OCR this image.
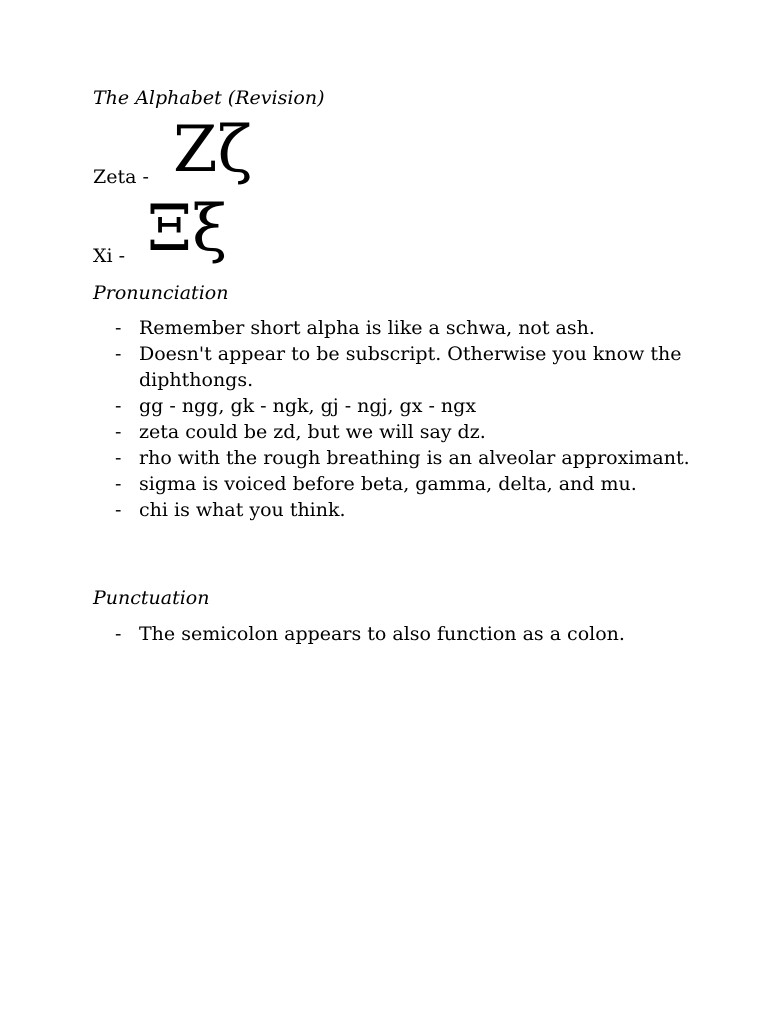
The Alphabet (Revision)
Zeta - Ζζ
Xi - Ξξ
Pronunciation
- Remember short alpha is like a schwa, not ash.
- Doesn't appear to be subscript. Otherwise you know the diphthongs.
- gg - ngg, gk - ngk, gj - ngj, gx - ngx
- zeta could be zd, but we will say dz.
- rho with the rough breathing is an alveolar approximant.
- sigma is voiced before beta, gamma, delta, and mu.
- chi is what you think.
Punctuation
- The semicolon appears to also function as a colon.
